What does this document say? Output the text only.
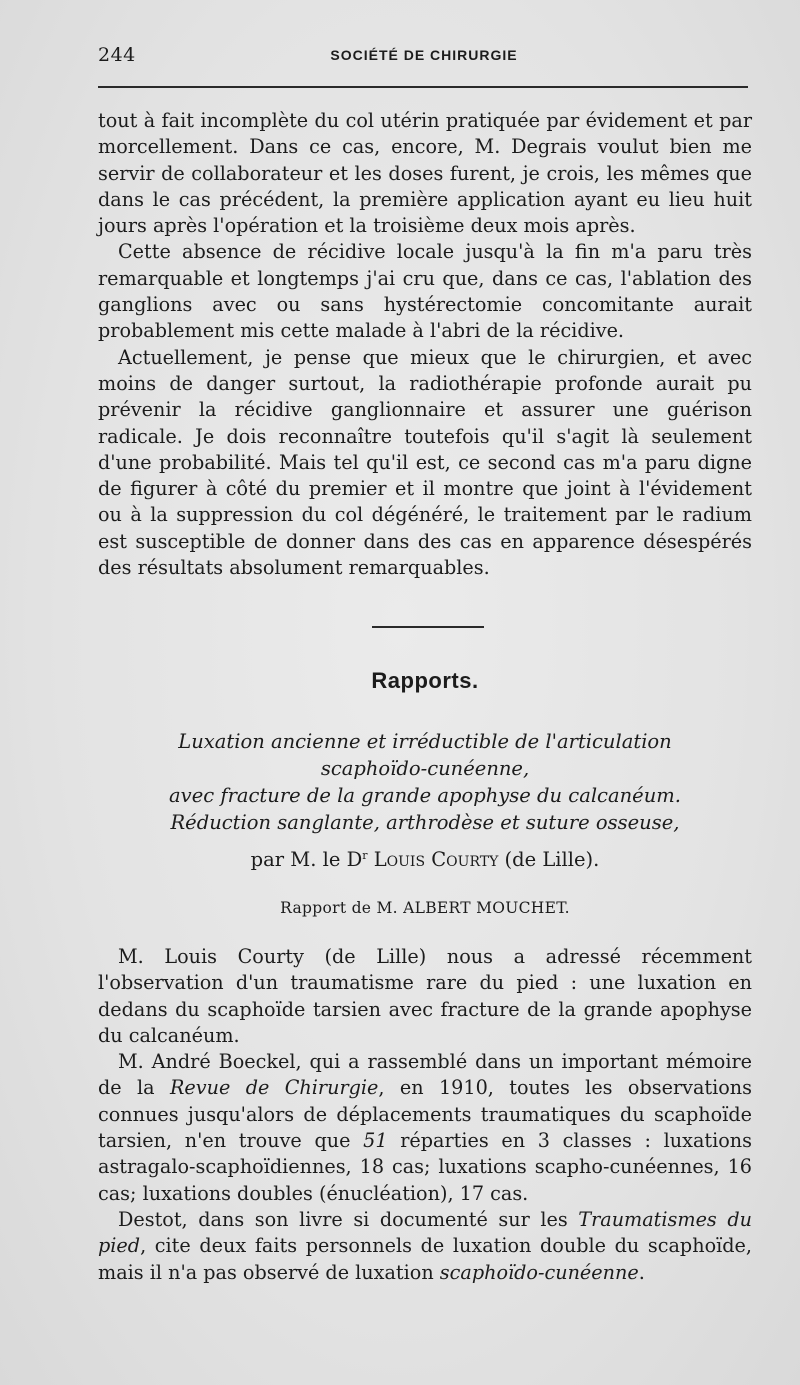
244	SOCIÉTÉ DE CHIRURGIE

tout à fait incomplète du col utérin pratiquée par évidement et par morcellement. Dans ce cas, encore, M. Degrais voulut bien me servir de collaborateur et les doses furent, je crois, les mêmes que dans le cas précédent, la première application ayant eu lieu huit jours après l'opération et la troisième deux mois après.

Cette absence de récidive locale jusqu'à la fin m'a paru très remarquable et longtemps j'ai cru que, dans ce cas, l'ablation des ganglions avec ou sans hystérectomie concomitante aurait probablement mis cette malade à l'abri de la récidive.

Actuellement, je pense que mieux que le chirurgien, et avec moins de danger surtout, la radiothérapie profonde aurait pu prévenir la récidive ganglionnaire et assurer une guérison radicale. Je dois reconnaître toutefois qu'il s'agit là seulement d'une probabilité. Mais tel qu'il est, ce second cas m'a paru digne de figurer à côté du premier et il montre que joint à l'évidement ou à la suppression du col dégénéré, le traitement par le radium est susceptible de donner dans des cas en apparence désespérés des résultats absolument remarquables.

Rapports.
Luxation ancienne et irréductible de l'articulation
scaphoïdo-cunéenne,
avec fracture de la grande apophyse du calcanéum.
Réduction sanglante, arthrodèse et suture osseuse,
par M. le $D^r$ Louis Courty (de Lille).
Rapport de M. ALBERT MOUCHET.

M. Louis Courty (de Lille) nous a adressé récemment l'observation d'un traumatisme rare du pied : une luxation en dedans du scaphoïde tarsien avec fracture de la grande apophyse du calcanéum.

M. André Boeckel, qui a rassemblé dans un important mémoire de la Revue de Chirurgie, en 1910, toutes les observations connues jusqu'alors de déplacements traumatiques du scaphoïde tarsien, n'en trouve que 51 réparties en 3 classes : luxations astragalo-scaphoïdiennes, 18 cas; luxations scapho-cunéennes, 16 cas; luxations doubles (énucléation), 17 cas.

Destot, dans son livre si documenté sur les Traumatismes du pied, cite deux faits personnels de luxation double du scaphoïde, mais il n'a pas observé de luxation scaphoïdo-cunéenne.
